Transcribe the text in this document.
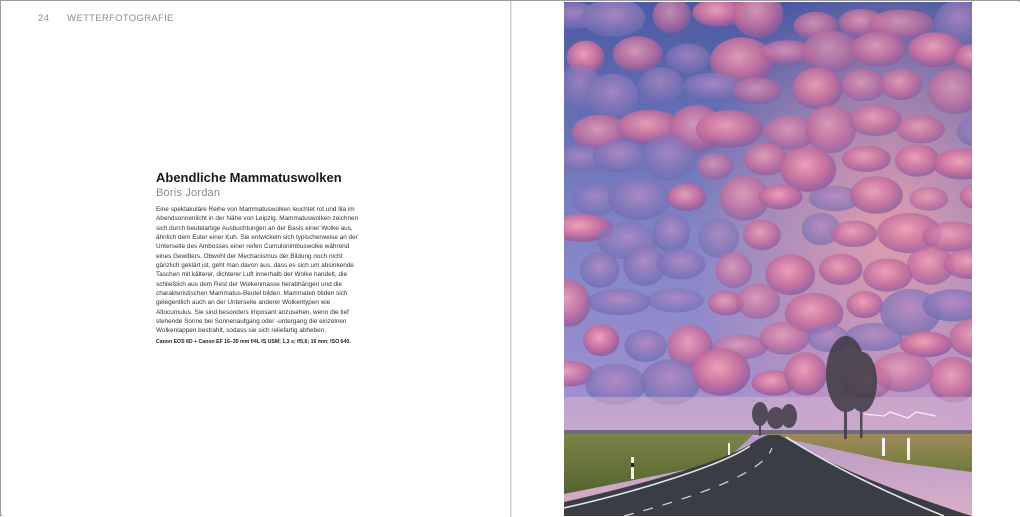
24 WETTERFOTOGRAFIE
Abendliche Mammatuswolken
Boris Jordan

Eine spektakuläre Reihe von Mammatuswolken leuchtet rot und lila im Abendsonnenlicht in der Nähe von Leipzig. Mammatuswolken zeichnen sich durch beutelartige Ausbuchtungen an der Basis einer Wolke aus, ähnlich dem Euter einer Kuh. Sie entwickeln sich typischerweise an der Unterseite des Ambosses einer reifen Cumulonimbuswolke während eines Gewitters. Obwohl der Mechanismus der Bildung noch nicht gänzlich geklärt ist, geht man davon aus, dass es sich um absinkende Taschen mit kälterer, dichterer Luft innerhalb der Wolke handelt, die schließlich aus dem Rest der Wolkenmasse herabhängen und die charakteristischen Mammatus-Beutel bilden. Mammaten bilden sich gelegentlich auch an der Unterseite anderer Wolkentypen wie Altocumulus. Sie sind besonders imposant anzusehen, wenn die tief stehende Sonne bei Sonnenaufgang oder -untergang die einzelnen Wolkenlappen bestrahlt, sodass sie sich reliefartig abheben.

Canon EOS 6D + Canon EF 16–35 mm f/4L IS USM; 1,3 s; f/5,6; 16 mm; ISO 640.
